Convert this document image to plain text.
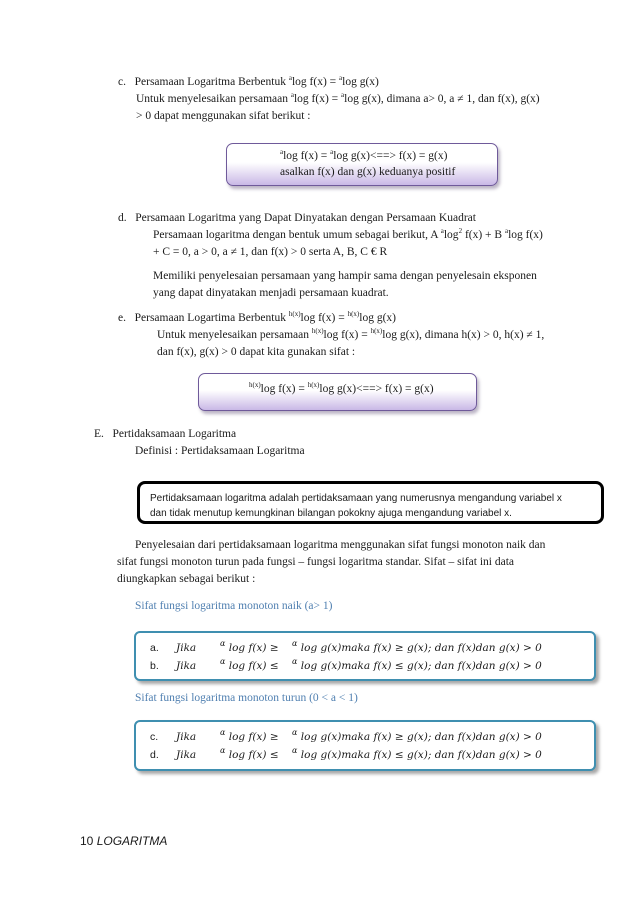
c. Persamaan Logaritma Berbentuk $^a$log f(x) = $^a$log g(x)
Untuk menyelesaikan persamaan $^a$log f(x) = $^a$log g(x), dimana a> 0, a ≠ 1, dan f(x), g(x)
> 0 dapat menggunakan sifat berikut :
$^a$log f(x) = $^a$log g(x)<==> f(x) = g(x)
asalkan f(x) dan g(x) keduanya positif
d. Persamaan Logaritma yang Dapat Dinyatakan dengan Persamaan Kuadrat
Persamaan logaritma dengan bentuk umum sebagai berikut, A $^a\log^2$ f(x) + B $^a$log f(x)
+ C = 0, a > 0, a ≠ 1, dan f(x) > 0 serta A, B, C € R
Memiliki penyelesaian persamaan yang hampir sama dengan penyelesain eksponen
yang dapat dinyatakan menjadi persamaan kuadrat.
e. Persamaan Logartima Berbentuk $^{h(x)}$log f(x) = $^{h(x)}$log g(x)
Untuk menyelesaikan persamaan $^{h(x)}$log f(x) = $^{h(x)}$log g(x), dimana h(x) > 0, h(x) ≠ 1,
dan f(x), g(x) > 0 dapat kita gunakan sifat :
$^{h(x)}$log f(x) = $^{h(x)}$log g(x)<==> f(x) = g(x)
E. Pertidaksamaan Logaritma
Definisi : Pertidaksamaan Logaritma
Pertidaksamaan logaritma adalah pertidaksamaan yang numerusnya mengandung variabel x
dan tidak menutup kemungkinan bilangan pokokny ajuga mengandung variabel x.
Penyelesaian dari pertidaksamaan logaritma menggunakan sifat fungsi monoton naik dan
sifat fungsi monoton turun pada fungsi – fungsi logaritma standar. Sifat – sifat ini data
diungkapkan sebagai berikut :
Sifat fungsi logaritma monoton naik (a> 1)
a. Jika	$^\alpha$ log f(x) ≥ $^\alpha$ log g(x)maka f(x) ≥ g(x); dan f(x)dan g(x) > 0
b. Jika	$^\alpha$ log f(x) ≤ $^\alpha$ log g(x)maka f(x) ≤ g(x); dan f(x)dan g(x) > 0
Sifat fungsi logaritma monoton turun (0 < a < 1)
c. Jika	$^\alpha$ log f(x) ≥ $^\alpha$ log g(x)maka f(x) ≥ g(x); dan f(x)dan g(x) > 0
d. Jika	$^\alpha$ log f(x) ≤ $^\alpha$ log g(x)maka f(x) ≤ g(x); dan f(x)dan g(x) > 0
10 LOGARITMA
